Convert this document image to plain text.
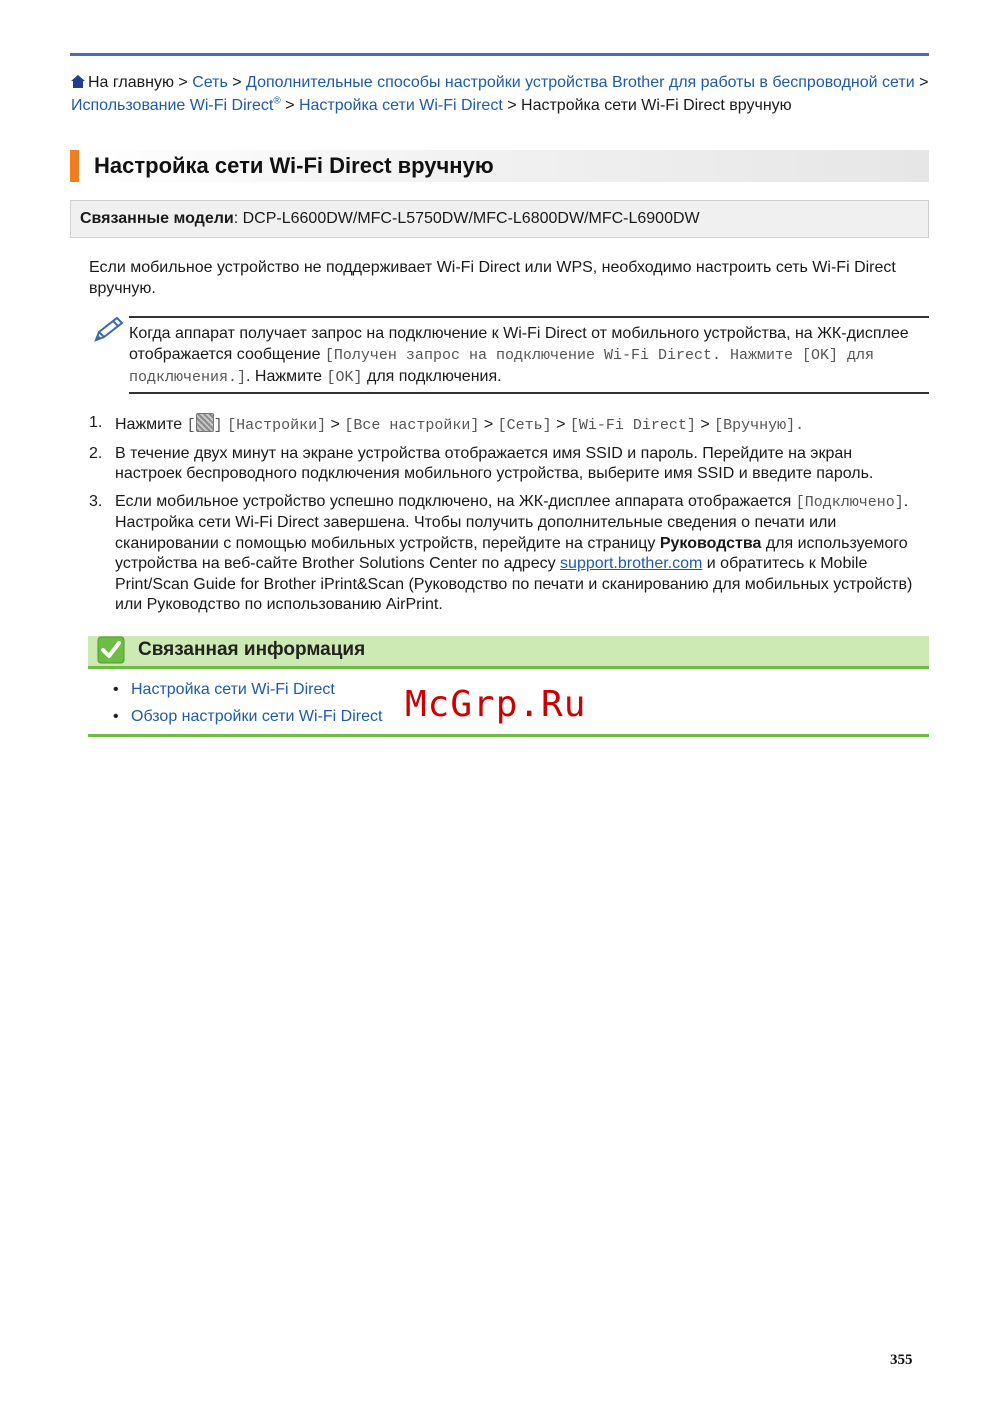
На главную > Сеть > Дополнительные способы настройки устройства Brother для работы в беспроводной сети > Использование Wi-Fi Direct® > Настройка сети Wi-Fi Direct > Настройка сети Wi-Fi Direct вручную
Настройка сети Wi-Fi Direct вручную
Связанные модели: DCP-L6600DW/MFC-L5750DW/MFC-L6800DW/MFC-L6900DW
Если мобильное устройство не поддерживает Wi-Fi Direct или WPS, необходимо настроить сеть Wi-Fi Direct вручную.
Когда аппарат получает запрос на подключение к Wi-Fi Direct от мобильного устройства, на ЖК-дисплее отображается сообщение [Получен запрос на подключение Wi-Fi Direct. Нажмите [OK] для подключения.]. Нажмите [OK] для подключения.
1. Нажмите [ ] [Настройки] > [Все настройки] > [Сеть] > [Wi-Fi Direct] > [Вручную].
2. В течение двух минут на экране устройства отображается имя SSID и пароль. Перейдите на экран настроек беспроводного подключения мобильного устройства, выберите имя SSID и введите пароль.
3. Если мобильное устройство успешно подключено, на ЖК-дисплее аппарата отображается [Подключено]. Настройка сети Wi-Fi Direct завершена. Чтобы получить дополнительные сведения о печати или сканировании с помощью мобильных устройств, перейдите на страницу Руководства для используемого устройства на веб-сайте Brother Solutions Center по адресу support.brother.com и обратитесь к Mobile Print/Scan Guide for Brother iPrint&Scan (Руководство по печати и сканированию для мобильных устройств) или Руководство по использованию AirPrint.
Связанная информация
• Настройка сети Wi-Fi Direct
• Обзор настройки сети Wi-Fi Direct McGrp.Ru
355
